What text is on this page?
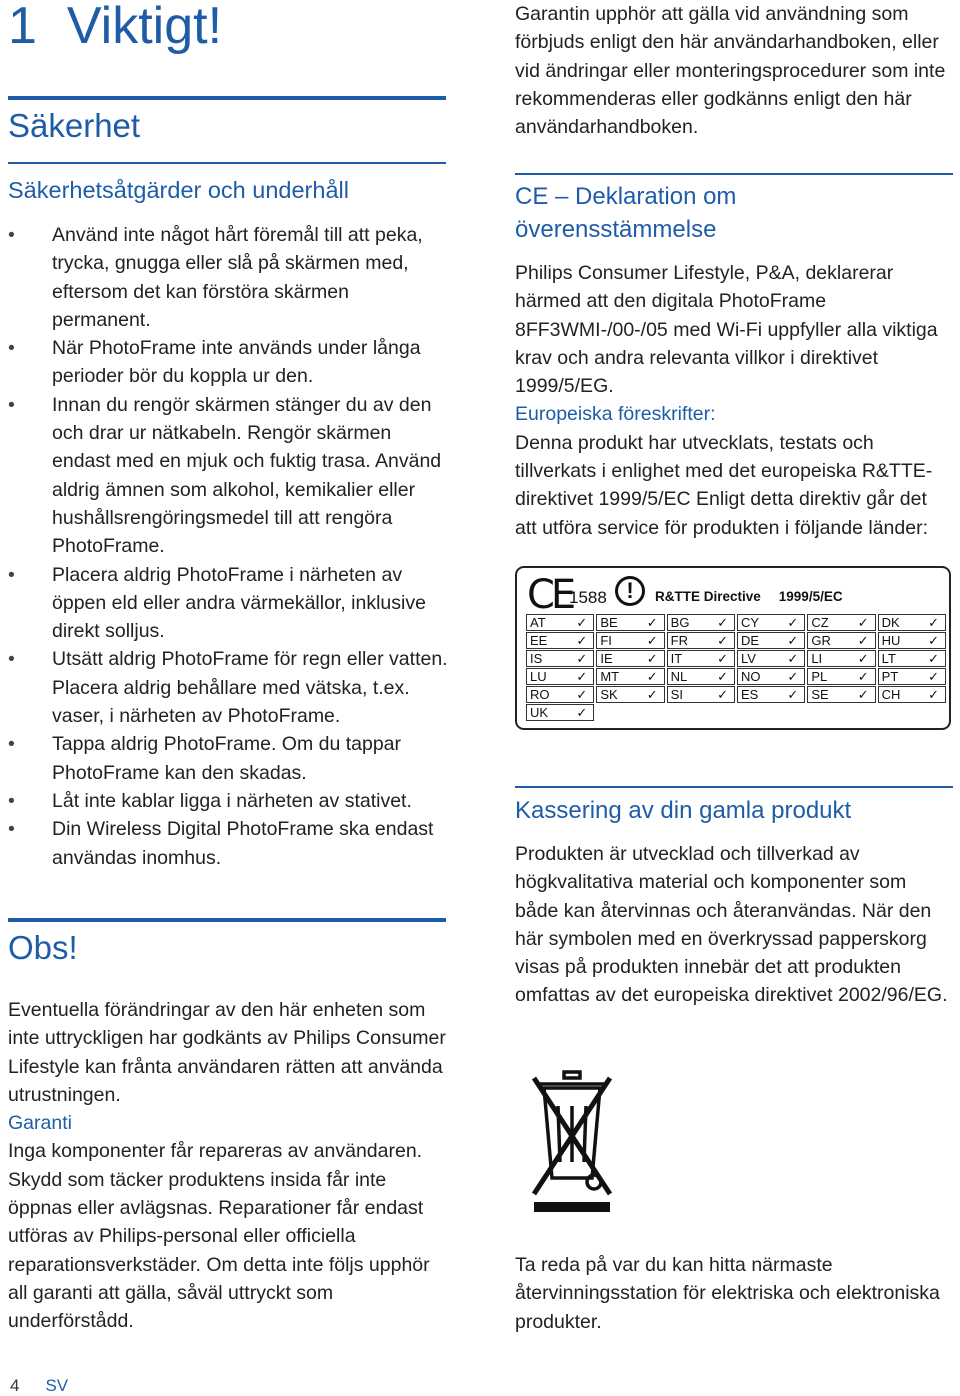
1 Viktigt!
Säkerhet
Säkerhetsåtgärder och underhåll
• Använd inte något hårt föremål till att peka, trycka, gnugga eller slå på skärmen med, eftersom det kan förstöra skärmen permanent.
• När PhotoFrame inte används under långa perioder bör du koppla ur den.
• Innan du rengör skärmen stänger du av den och drar ur nätkabeln. Rengör skärmen endast med en mjuk och fuktig trasa. Använd aldrig ämnen som alkohol, kemikalier eller hushållsrengöringsmedel till att rengöra PhotoFrame.
• Placera aldrig PhotoFrame i närheten av öppen eld eller andra värmekällor, inklusive direkt solljus.
• Utsätt aldrig PhotoFrame för regn eller vatten. Placera aldrig behållare med vätska, t.ex. vaser, i närheten av PhotoFrame.
• Tappa aldrig PhotoFrame. Om du tappar PhotoFrame kan den skadas.
• Låt inte kablar ligga i närheten av stativet.
• Din Wireless Digital PhotoFrame ska endast användas inomhus.
Obs!

Eventuella förändringar av den här enheten som inte uttryckligen har godkänts av Philips Consumer Lifestyle kan frånta användaren rätten att använda utrustningen.

Garanti

Inga komponenter får repareras av användaren. Skydd som täcker produktens insida får inte öppnas eller avlägsnas. Reparationer får endast utföras av Philips-personal eller officiella reparationsverkstäder. Om detta inte följs upphör all garanti att gälla, såväl uttryckt som underförstådd.

Garantin upphör att gälla vid användning som förbjuds enligt den här användarhandboken, eller vid ändringar eller monteringsprocedurer som inte rekommenderas eller godkänns enligt den här användarhandboken.
CE – Deklaration om överensstämmelse

Philips Consumer Lifestyle, P&A, deklarerar härmed att den digitala PhotoFrame 8FF3WMI-/00-/05 med Wi-Fi uppfyller alla viktiga krav och andra relevanta villkor i direktivet 1999/5/EG.

Europeiska föreskrifter:

Denna produkt har utvecklats, testats och tillverkats i enlighet med det europeiska R&TTE-direktivet 1999/5/EC Enligt detta direktiv går det att utföra service för produkten i följande länder:

CE
1588 !	R&TTE Directive 1999/5/EC
AT ✓	BE ✓	BG ✓	CY ✓	CZ ✓	DK ✓
EE ✓	FI	✓	FR ✓	DE ✓	GR ✓	HU ✓
IS	✓	IE	✓	IT	✓	LV ✓	LI	✓	LT ✓
LU ✓	MT ✓	NL ✓	NO ✓	PL ✓	PT ✓
RO ✓	SK ✓	SI	✓	ES ✓	SE ✓	CH ✓
UK ✓
Kassering av din gamla produkt
Produkten är utvecklad och tillverkad av högkvalitativa material och komponenter som både kan återvinnas och återanvändas. När den här symbolen med en överkryssad papperskorg visas på produkten innebär det att produkten omfattas av det europeiska direktivet 2002/96/EG.
Ta reda på var du kan hitta närmaste återvinningsstation för elektriska och elektroniska produkter.
4 SV
